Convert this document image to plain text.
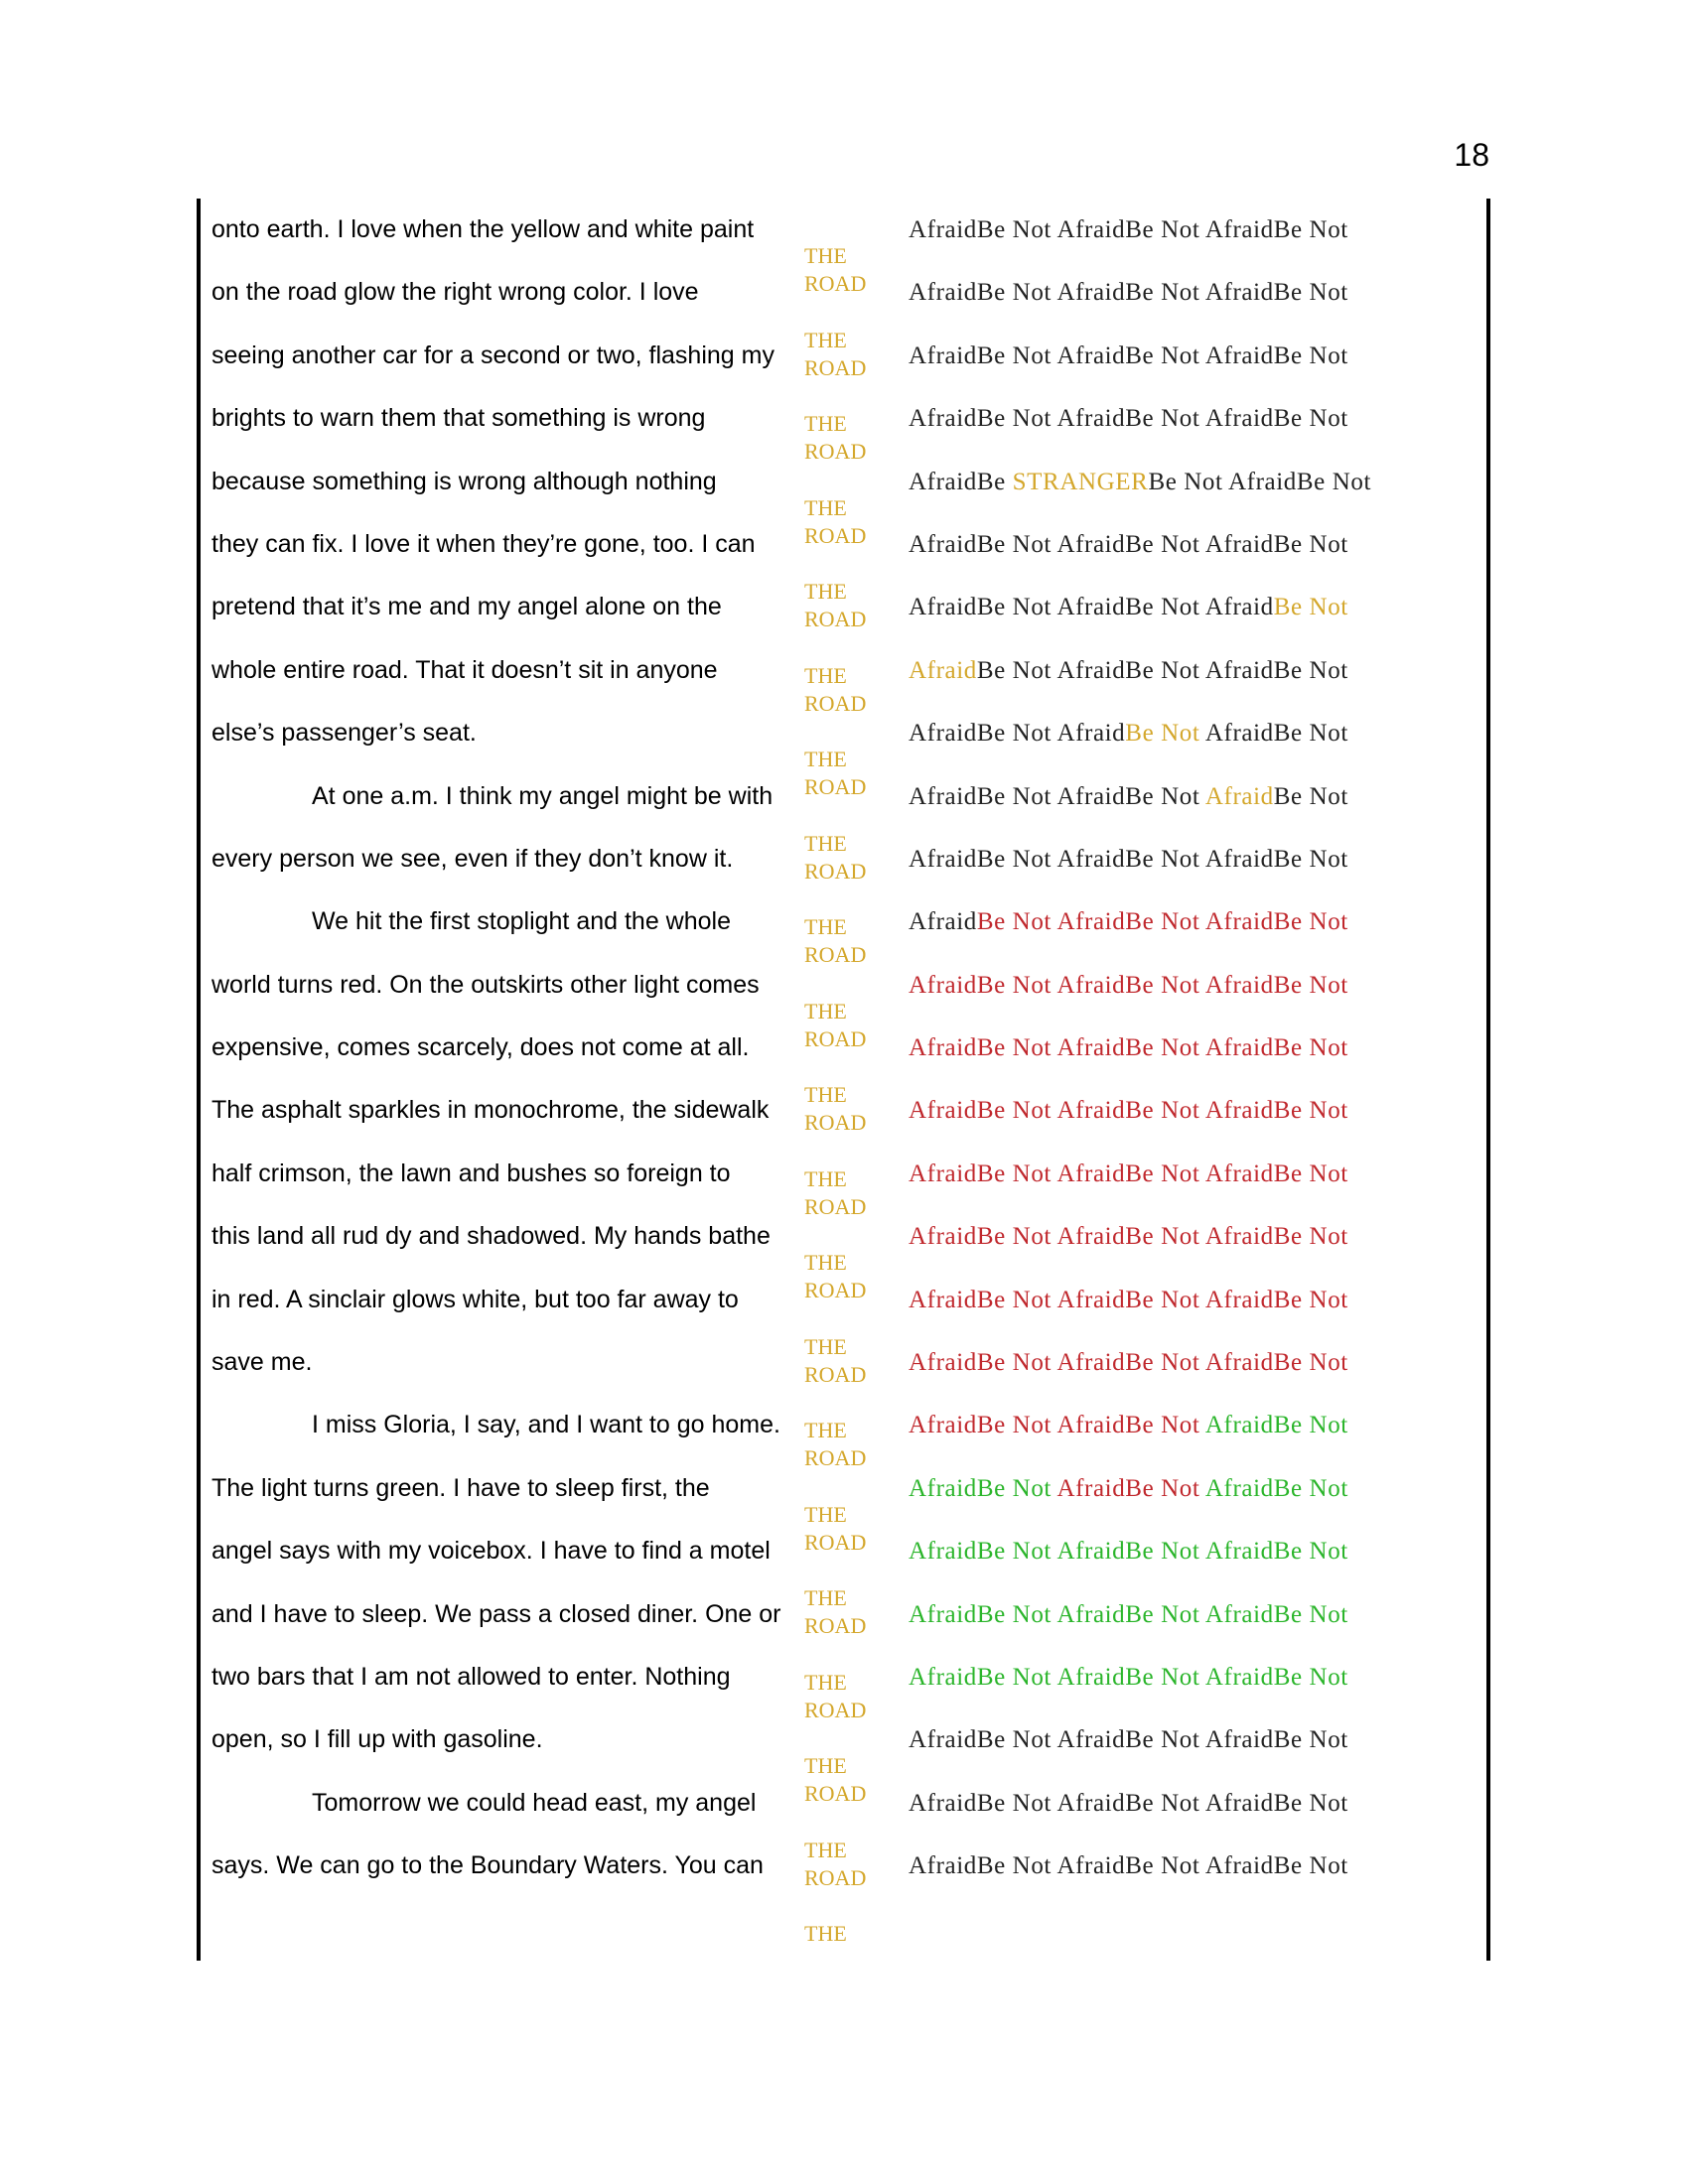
18
onto earth. I love when the yellow and white paint
on the road glow the right wrong color. I love
seeing another car for a second or two, flashing my
brights to warn them that something is wrong
because something is wrong although nothing
they can fix. I love it when they’re gone, too. I can
pretend that it’s me and my angel alone on the
whole entire road. That it doesn’t sit in anyone
else’s passenger’s seat.
At one a.m. I think my angel might be with
every person we see, even if they don’t know it.
We hit the first stoplight and the whole
world turns red. On the outskirts other light comes
expensive, comes scarcely, does not come at all.
The asphalt sparkles in monochrome, the sidewalk
half crimson, the lawn and bushes so foreign to
this land all rud dy and shadowed. My hands bathe
in red. A sinclair glows white, but too far away to
save me.
I miss Gloria, I say, and I want to go home.
The light turns green. I have to sleep first, the
angel says with my voicebox. I have to find a motel
and I have to sleep. We pass a closed diner. One or
two bars that I am not allowed to enter. Nothing
open, so I fill up with gasoline.
Tomorrow we could head east, my angel
says. We can go to the Boundary Waters. You can
THE
ROAD
THE
ROAD
THE
ROAD
THE
ROAD
THE
ROAD
THE
ROAD
THE
ROAD
THE
ROAD
THE
ROAD
THE
ROAD
THE
ROAD
THE
ROAD
THE
ROAD
THE
ROAD
THE
ROAD
THE
ROAD
THE
ROAD
THE
ROAD
THE
ROAD
THE
ROAD
THE
AfraidBe Not AfraidBe Not AfraidBe Not
AfraidBe Not AfraidBe Not AfraidBe Not
AfraidBe Not AfraidBe Not AfraidBe Not
AfraidBe Not AfraidBe Not AfraidBe Not
AfraidBe STRANGERBe Not AfraidBe Not
AfraidBe Not AfraidBe Not AfraidBe Not
AfraidBe Not AfraidBe Not AfraidBe Not
AfraidBe Not AfraidBe Not AfraidBe Not
AfraidBe Not AfraidBe Not AfraidBe Not
AfraidBe Not AfraidBe Not AfraidBe Not
AfraidBe Not AfraidBe Not AfraidBe Not
AfraidBe Not AfraidBe Not AfraidBe Not
AfraidBe Not AfraidBe Not AfraidBe Not
AfraidBe Not AfraidBe Not AfraidBe Not
AfraidBe Not AfraidBe Not AfraidBe Not
AfraidBe Not AfraidBe Not AfraidBe Not
AfraidBe Not AfraidBe Not AfraidBe Not
AfraidBe Not AfraidBe Not AfraidBe Not
AfraidBe Not AfraidBe Not AfraidBe Not
AfraidBe Not AfraidBe Not AfraidBe Not
AfraidBe Not AfraidBe Not AfraidBe Not
AfraidBe Not AfraidBe Not AfraidBe Not
AfraidBe Not AfraidBe Not AfraidBe Not
AfraidBe Not AfraidBe Not AfraidBe Not
AfraidBe Not AfraidBe Not AfraidBe Not
AfraidBe Not AfraidBe Not AfraidBe Not
AfraidBe Not AfraidBe Not AfraidBe Not
